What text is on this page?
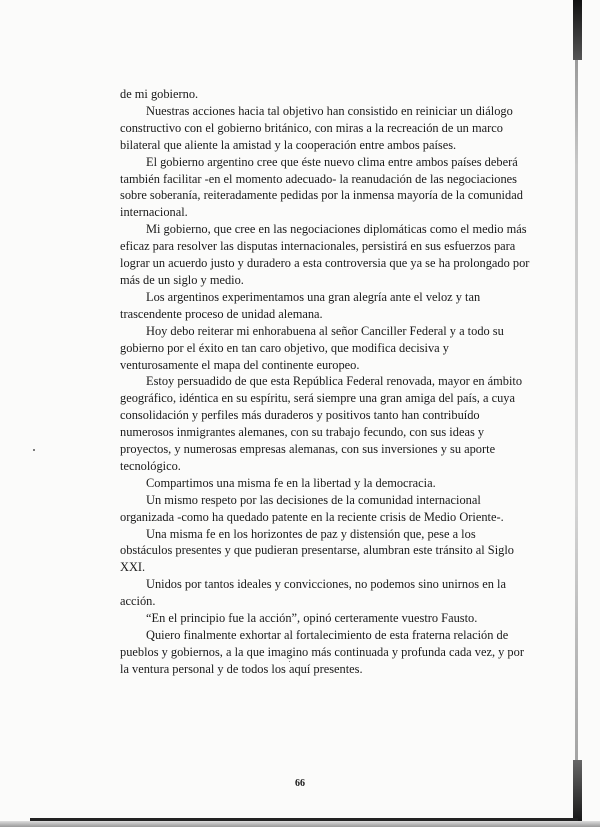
de mi gobierno.

Nuestras acciones hacia tal objetivo han consistido en reiniciar un diálogo constructivo con el gobierno británico, con miras a la recreación de un marco bilateral que aliente la amistad y la cooperación entre ambos países.

El gobierno argentino cree que éste nuevo clima entre ambos países deberá también facilitar -en el momento adecuado- la reanudación de las negociaciones sobre soberanía, reiteradamente pedidas por la inmensa mayoría de la comunidad internacional.

Mi gobierno, que cree en las negociaciones diplomáticas como el medio más eficaz para resolver las disputas internacionales, persistirá en sus esfuerzos para lograr un acuerdo justo y duradero a esta controversia que ya se ha prolongado por más de un siglo y medio.

Los argentinos experimentamos una gran alegría ante el veloz y tan trascendente proceso de unidad alemana.

Hoy debo reiterar mi enhorabuena al señor Canciller Federal y a todo su gobierno por el éxito en tan caro objetivo, que modifica decisiva y venturosamente el mapa del continente europeo.

Estoy persuadido de que esta República Federal renovada, mayor en ámbito geográfico, idéntica en su espíritu, será siempre una gran amiga del país, a cuya consolidación y perfiles más duraderos y positivos tanto han contribuído numerosos inmigrantes alemanes, con su trabajo fecundo, con sus ideas y proyectos, y numerosas empresas alemanas, con sus inversiones y su aporte tecnológico.

Compartimos una misma fe en la libertad y la democracia.

Un mismo respeto por las decisiones de la comunidad internacional organizada -como ha quedado patente en la reciente crisis de Medio Oriente-.

Una misma fe en los horizontes de paz y distensión que, pese a los obstáculos presentes y que pudieran presentarse, alumbran este tránsito al Siglo XXI.

Unidos por tantos ideales y convicciones, no podemos sino unirnos en la acción.

“En el principio fue la acción”, opinó certeramente vuestro Fausto.

Quiero finalmente exhortar al fortalecimiento de esta fraterna relación de pueblos y gobiernos, a la que imagino más continuada y profunda cada vez, y por la ventura personal y de todos los aquí presentes.

66
